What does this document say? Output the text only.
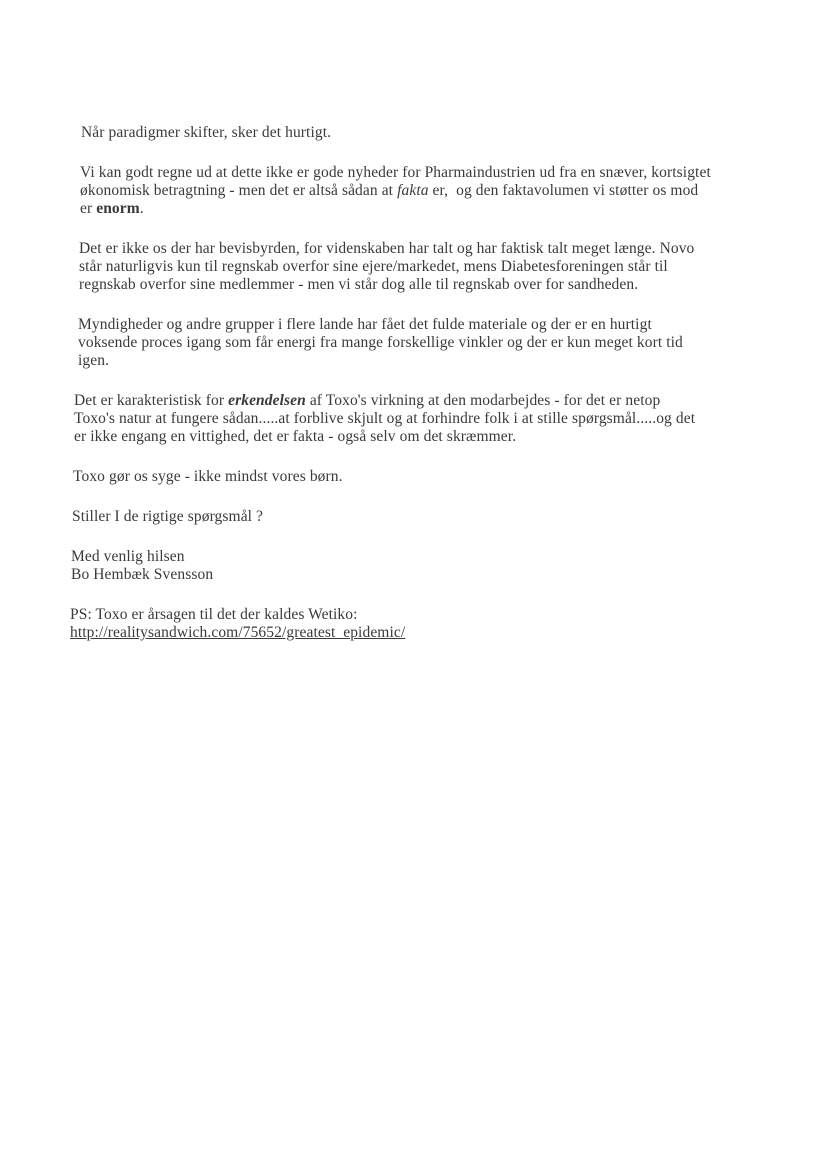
Når paradigmer skifter, sker det hurtigt.

Vi kan godt regne ud at dette ikke er gode nyheder for Pharmaindustrien ud fra en snæver, kortsigtet
økonomisk betragtning - men det er altså sådan at fakta er,  og den faktavolumen vi støtter os mod
er enorm.

Det er ikke os der har bevisbyrden, for videnskaben har talt og har faktisk talt meget længe. Novo
står naturligvis kun til regnskab overfor sine ejere/markedet, mens Diabetesforeningen står til
regnskab overfor sine medlemmer - men vi står dog alle til regnskab over for sandheden.

Myndigheder og andre grupper i flere lande har fået det fulde materiale og der er en hurtigt
voksende proces igang som får energi fra mange forskellige vinkler og der er kun meget kort tid
igen.

Det er karakteristisk for erkendelsen af Toxo's virkning at den modarbejdes - for det er netop
Toxo's natur at fungere sådan.....at forblive skjult og at forhindre folk i at stille spørgsmål.....og det
er ikke engang en vittighed, det er fakta - også selv om det skræmmer.

Toxo gør os syge - ikke mindst vores børn.

Stiller I de rigtige spørgsmål ?

Med venlig hilsen
Bo Hembæk Svensson

PS: Toxo er årsagen til det der kaldes Wetiko:
http://realitysandwich.com/75652/greatest_epidemic/
